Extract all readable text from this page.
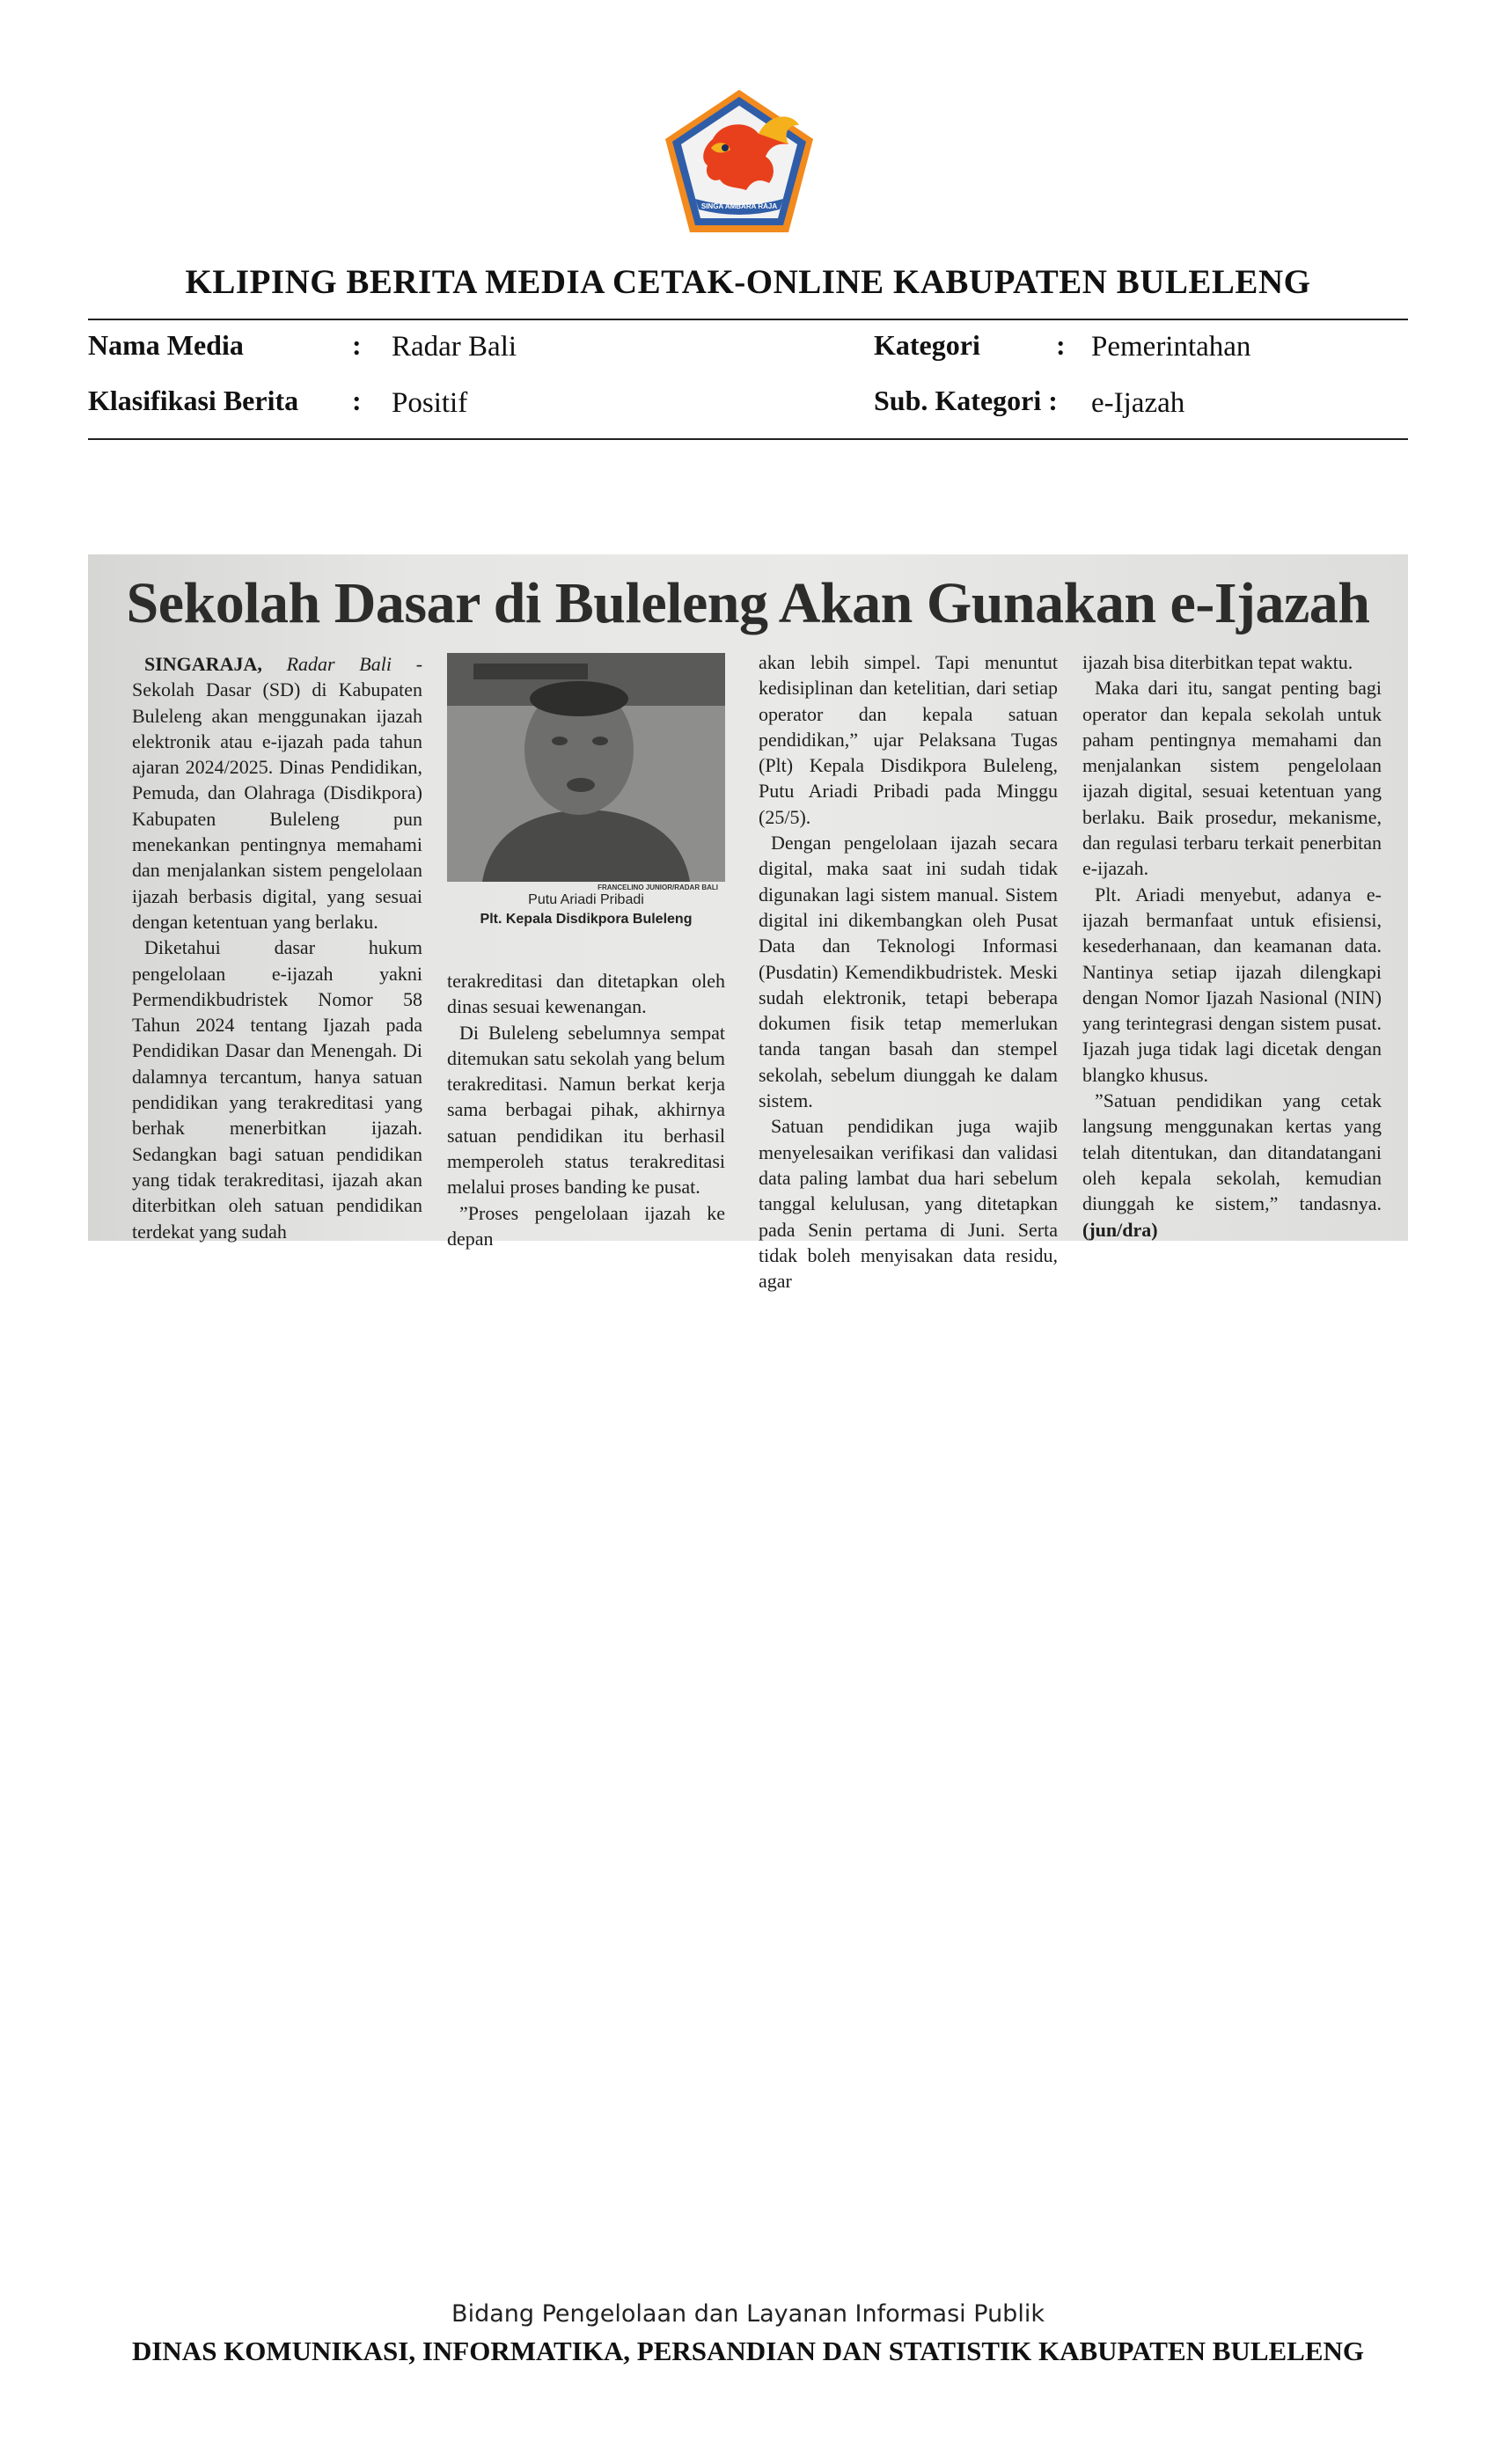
SINGA AMBARA RAJA
KLIPING BERITA MEDIA CETAK-ONLINE KABUPATEN BULELENG
Nama Media	: Radar Bali	Kategori	: Pemerintahan
Klasifikasi Berita : Positif	Sub. Kategori : e-Ijazah
Sekolah Dasar di Buleleng Akan Gunakan e-Ijazah

SINGARAJA, Radar Bali - Sekolah Dasar (SD) di Kabupaten Buleleng akan menggunakan ijazah elektronik atau e-ijazah pada tahun ajaran 2024/2025. Dinas Pendidikan, Pemuda, dan Olahraga (Disdikpora) Kabupaten Buleleng pun menekankan pentingnya memahami dan menjalankan sistem pengelolaan ijazah berbasis digital, yang sesuai dengan ketentuan yang berlaku.

Diketahui dasar hukum pengelolaan e-ijazah yakni Permendikbudristek Nomor 58 Tahun 2024 tentang Ijazah pada Pendidikan Dasar dan Menengah. Di dalamnya tercantum, hanya satuan pendidikan yang terakreditasi yang berhak menerbitkan ijazah. Sedangkan bagi satuan pendidikan yang tidak terakreditasi, ijazah akan diterbitkan oleh satuan pendidikan terdekat yang sudah

FRANCELINO JUNIOR/RADAR BALI
Putu Ariadi Pribadi
Plt. Kepala Disdikpora Buleleng

terakreditasi dan ditetapkan oleh dinas sesuai kewenangan.

Di Buleleng sebelumnya sempat ditemukan satu sekolah yang belum terakreditasi. Namun berkat kerja sama berbagai pihak, akhirnya satuan pendidikan itu berhasil memperoleh status terakreditasi melalui proses banding ke pusat.

”Proses pengelolaan ijazah ke depan

akan lebih simpel. Tapi menuntut kedisiplinan dan ketelitian, dari setiap operator dan kepala satuan pendidikan,” ujar Pelaksana Tugas (Plt) Kepala Disdikpora Buleleng, Putu Ariadi Pribadi pada Minggu (25/5).

Dengan pengelolaan ijazah secara digital, maka saat ini sudah tidak digunakan lagi sistem manual. Sistem digital ini dikembangkan oleh Pusat Data dan Teknologi Informasi (Pusdatin) Kemendikbudristek. Meski sudah elektronik, tetapi beberapa dokumen fisik tetap memerlukan tanda tangan basah dan stempel sekolah, sebelum diunggah ke dalam sistem.

Satuan pendidikan juga wajib menyelesaikan verifikasi dan validasi data paling lambat dua hari sebelum tanggal kelulusan, yang ditetapkan pada Senin pertama di Juni. Serta tidak boleh menyisakan data residu, agar

ijazah bisa diterbitkan tepat waktu.

Maka dari itu, sangat penting bagi operator dan kepala sekolah untuk paham pentingnya memahami dan menjalankan sistem pengelolaan ijazah digital, sesuai ketentuan yang berlaku. Baik prosedur, mekanisme, dan regulasi terbaru terkait penerbitan e-ijazah.

Plt. Ariadi menyebut, adanya e-ijazah bermanfaat untuk efisiensi, kesederhanaan, dan keamanan data. Nantinya setiap ijazah dilengkapi dengan Nomor Ijazah Nasional (NIN) yang terintegrasi dengan sistem pusat. Ijazah juga tidak lagi dicetak dengan blangko khusus.

”Satuan pendidikan yang cetak langsung menggunakan kertas yang telah ditentukan, dan ditandatangani oleh kepala sekolah, kemudian diunggah ke sistem,” tandasnya. (jun/dra)

Bidang Pengelolaan dan Layanan Informasi Publik
DINAS KOMUNIKASI, INFORMATIKA, PERSANDIAN DAN STATISTIK KABUPATEN BULELENG
